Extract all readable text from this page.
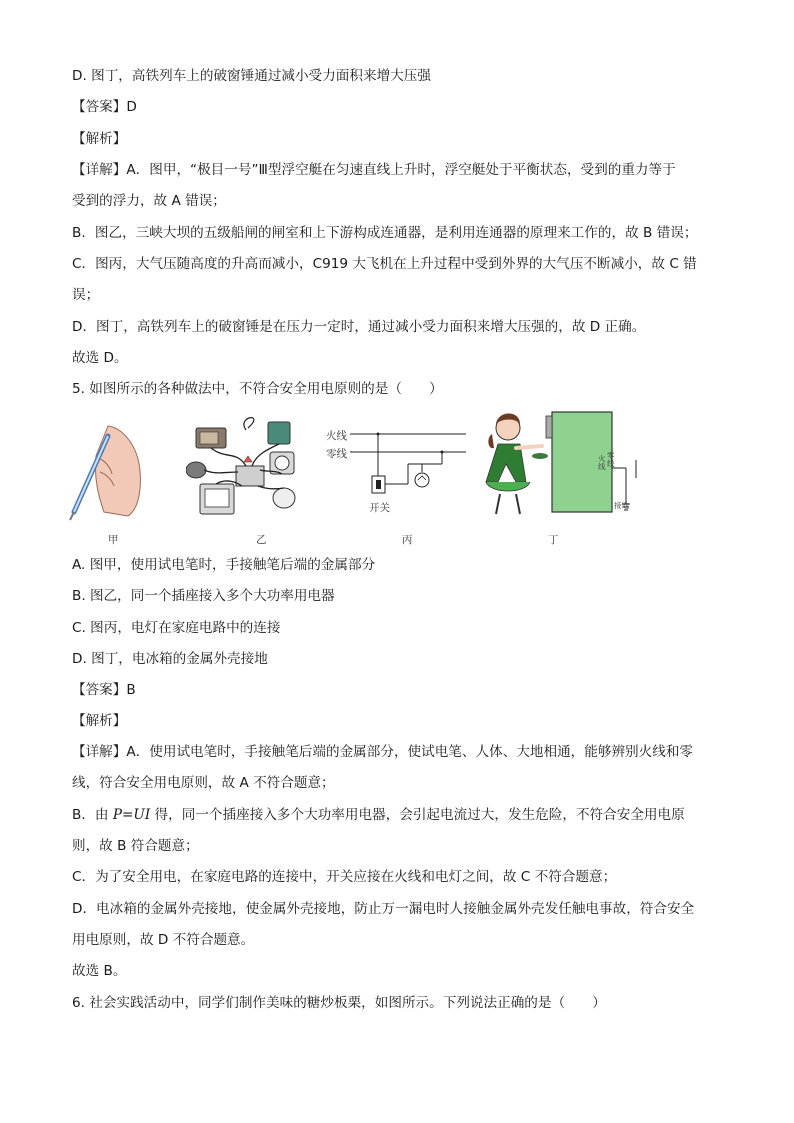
D. 图丁，高铁列车上的破窗锤通过减小受力面积来增大压强
【答案】D
【解析】
【详解】A．图甲，“极目一号”Ⅲ型浮空艇在匀速直线上升时，浮空艇处于平衡状态，受到的重力等于
受到的浮力，故 A 错误；
B．图乙，三峡大坝的五级船闸的闸室和上下游构成连通器，是利用连通器的原理来工作的，故 B 错误；
C．图丙，大气压随高度的升高而减小，C919 大飞机在上升过程中受到外界的大气压不断减小，故 C 错
误；
D．图丁，高铁列车上的破窗锤是在压力一定时，通过减小受力面积来增大压强的，故 D 正确。
故选 D。
5. 如图所示的各种做法中，不符合安全用电原则的是（　　）
甲	乙
火线
零线
开关
丙
火线
零线
接地
丁
A. 图甲，使用试电笔时，手接触笔后端的金属部分
B. 图乙，同一个插座接入多个大功率用电器
C. 图丙，电灯在家庭电路中的连接
D. 图丁，电冰箱的金属外壳接地
【答案】B
【解析】
【详解】A．使用试电笔时，手接触笔后端的金属部分，使试电笔、人体、大地相通，能够辨别火线和零
线，符合安全用电原则，故 A 不符合题意；
B．由 P=UI 得，同一个插座接入多个大功率用电器，会引起电流过大，发生危险，不符合安全用电原
则，故 B 符合题意；
C．为了安全用电，在家庭电路的连接中，开关应接在火线和电灯之间，故 C 不符合题意；
D．电冰箱的金属外壳接地，使金属外壳接地，防止万一漏电时人接触金属外壳发任触电事故，符合安全
用电原则，故 D 不符合题意。
故选 B。
6. 社会实践活动中，同学们制作美味的糖炒板栗，如图所示。下列说法正确的是（　　）
